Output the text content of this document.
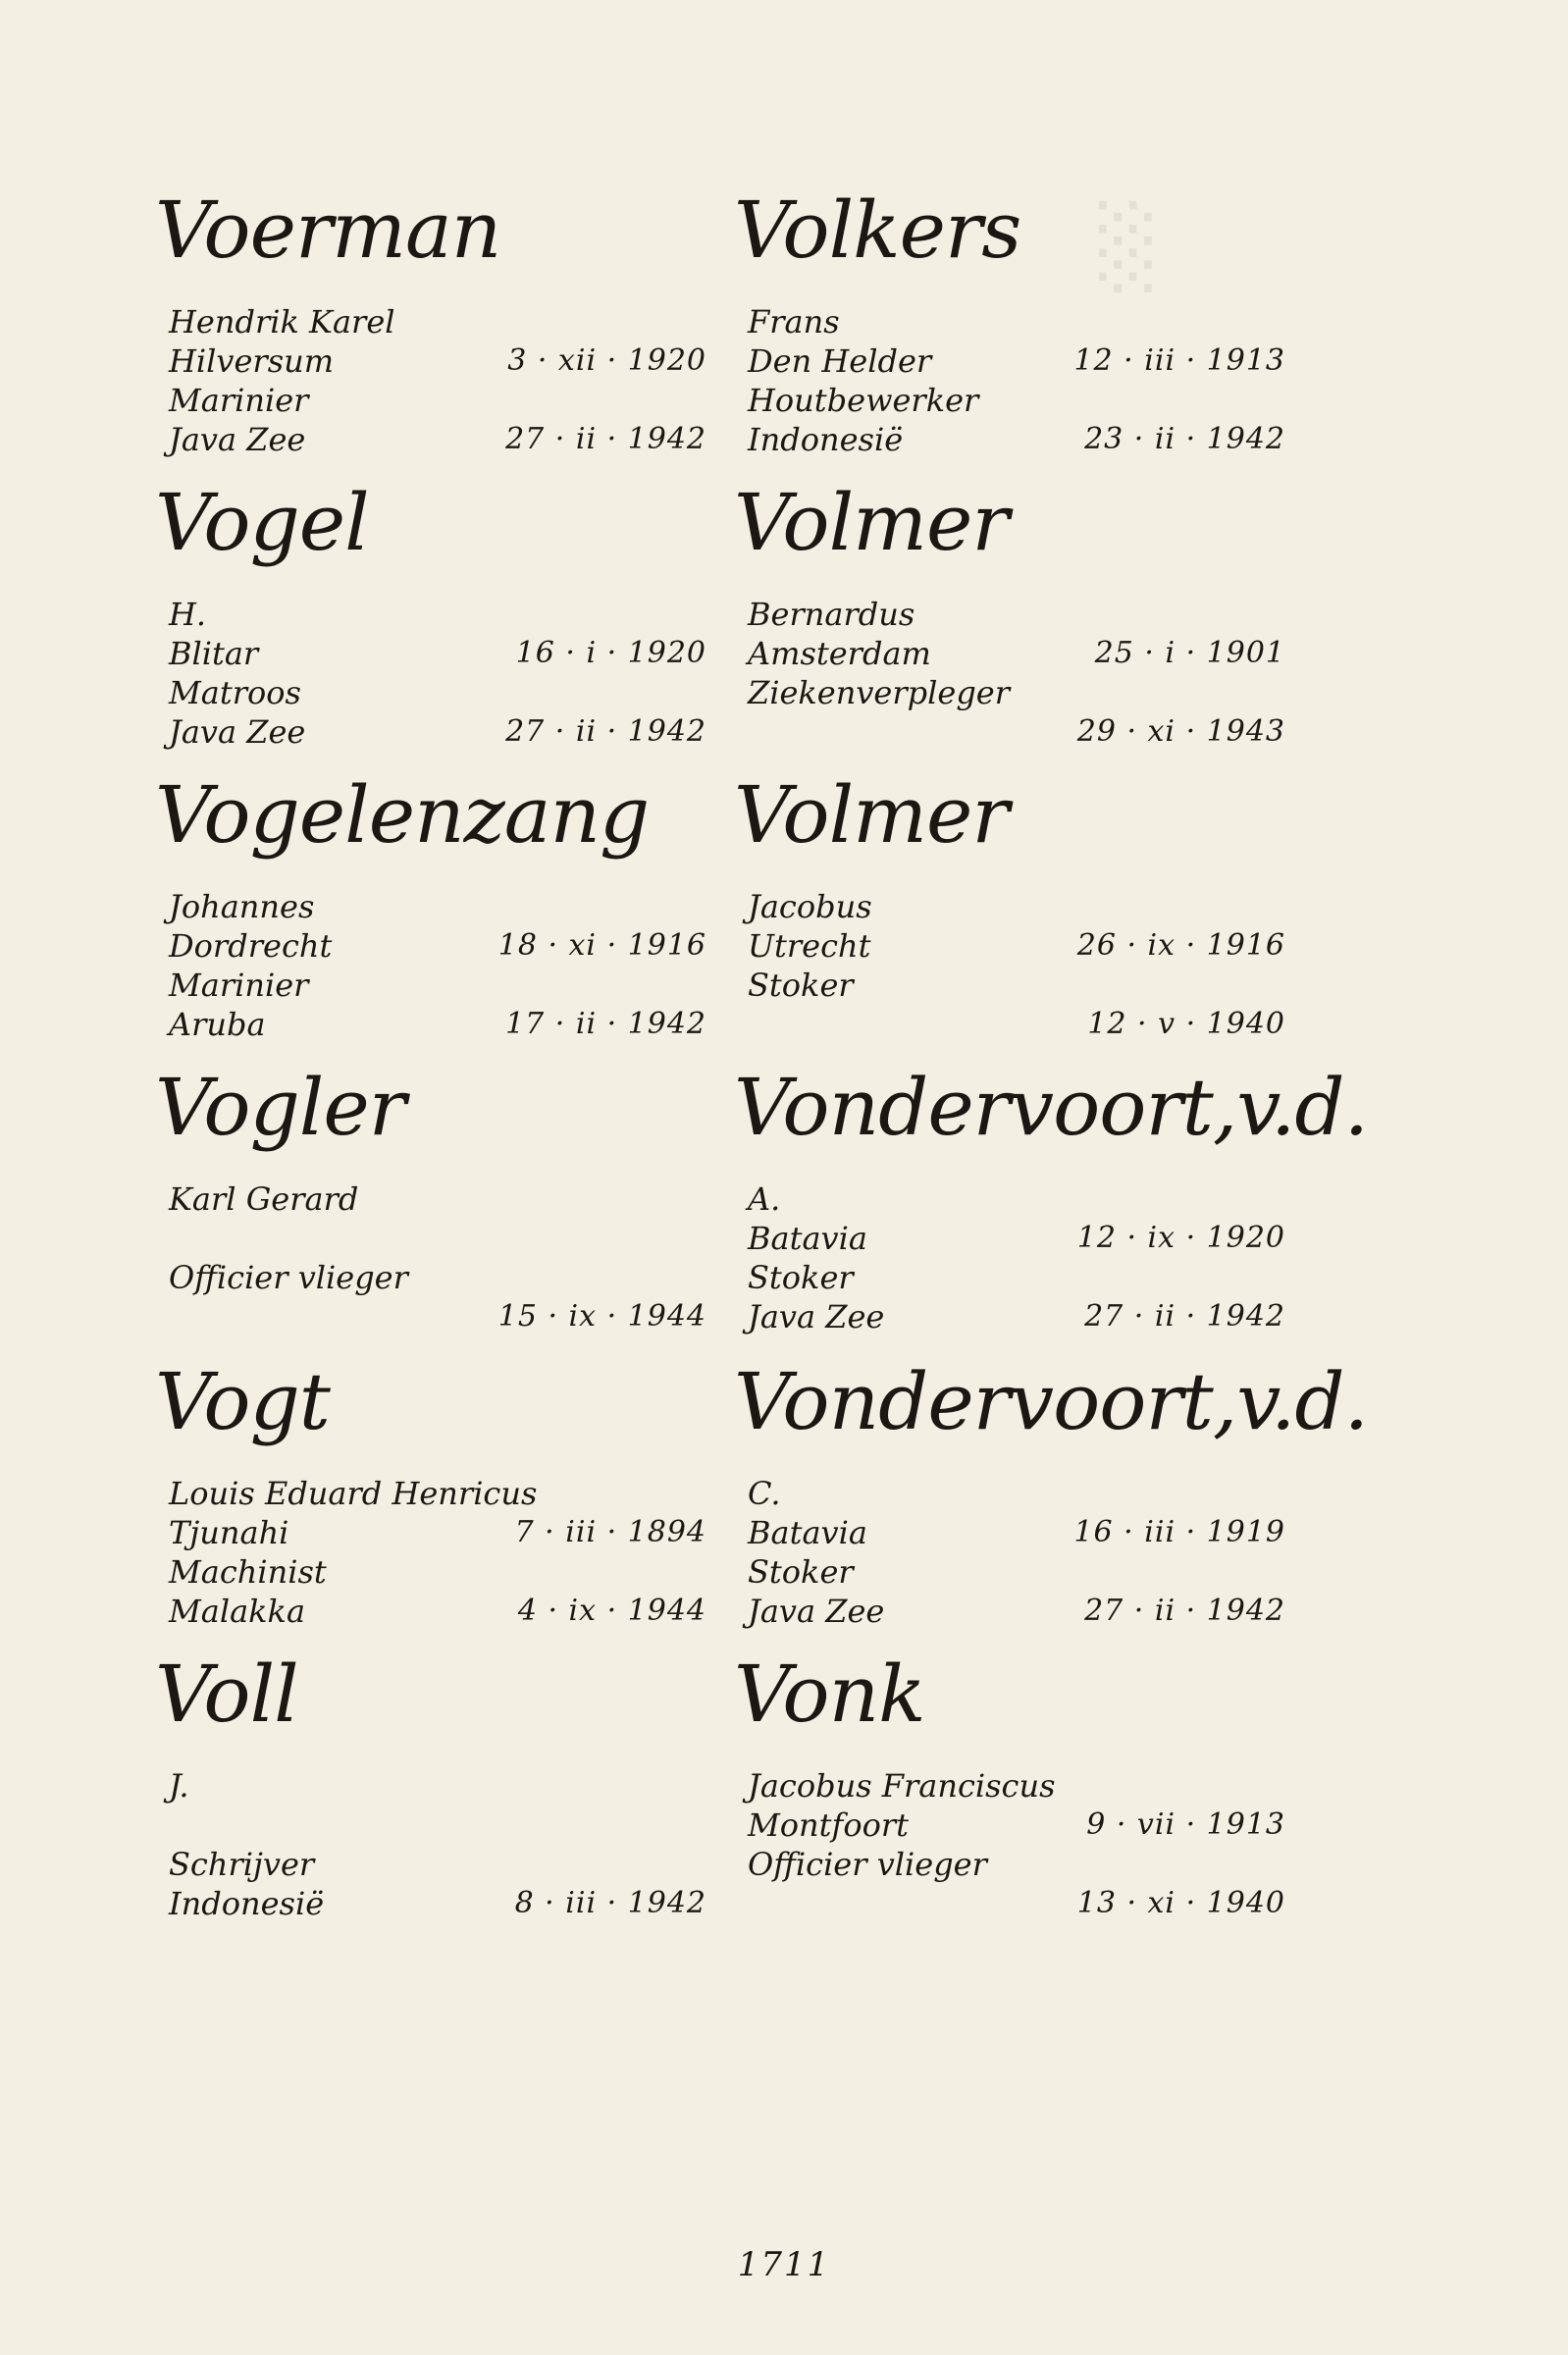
░
Voerman
Hendrik Karel
Hilversum	3 · xii · 1920
Marinier
Java Zee	27 · ii · 1942
Vogel
H.
Blitar	16 · i · 1920
Matroos
Java Zee	27 · ii · 1942
Vogelenzang
Johannes
Dordrecht	18 · xi · 1916
Marinier
Aruba	17 · ii · 1942
Vogler
Karl Gerard
Officier vlieger
15 · ix · 1944
Vogt
Louis Eduard Henricus
Tjunahi	7 · iii · 1894
Machinist
Malakka	4 · ix · 1944
Voll
J.
Schrijver
Indonesië	8 · iii · 1942
Volkers
Frans
Den Helder	12 · iii · 1913
Houtbewerker
Indonesië	23 · ii · 1942
Volmer
Bernardus
Amsterdam	25 · i · 1901
Ziekenverpleger
29 · xi · 1943
Volmer
Jacobus
Utrecht	26 · ix · 1916
Stoker
12 · v · 1940
Vondervoort,v.d.
A.
Batavia	12 · ix · 1920
Stoker
Java Zee	27 · ii · 1942
Vondervoort,v.d.
C.
Batavia	16 · iii · 1919
Stoker
Java Zee	27 · ii · 1942
Vonk
Jacobus Franciscus
Montfoort	9 · vii · 1913
Officier vlieger
13 · xi · 1940
1711
